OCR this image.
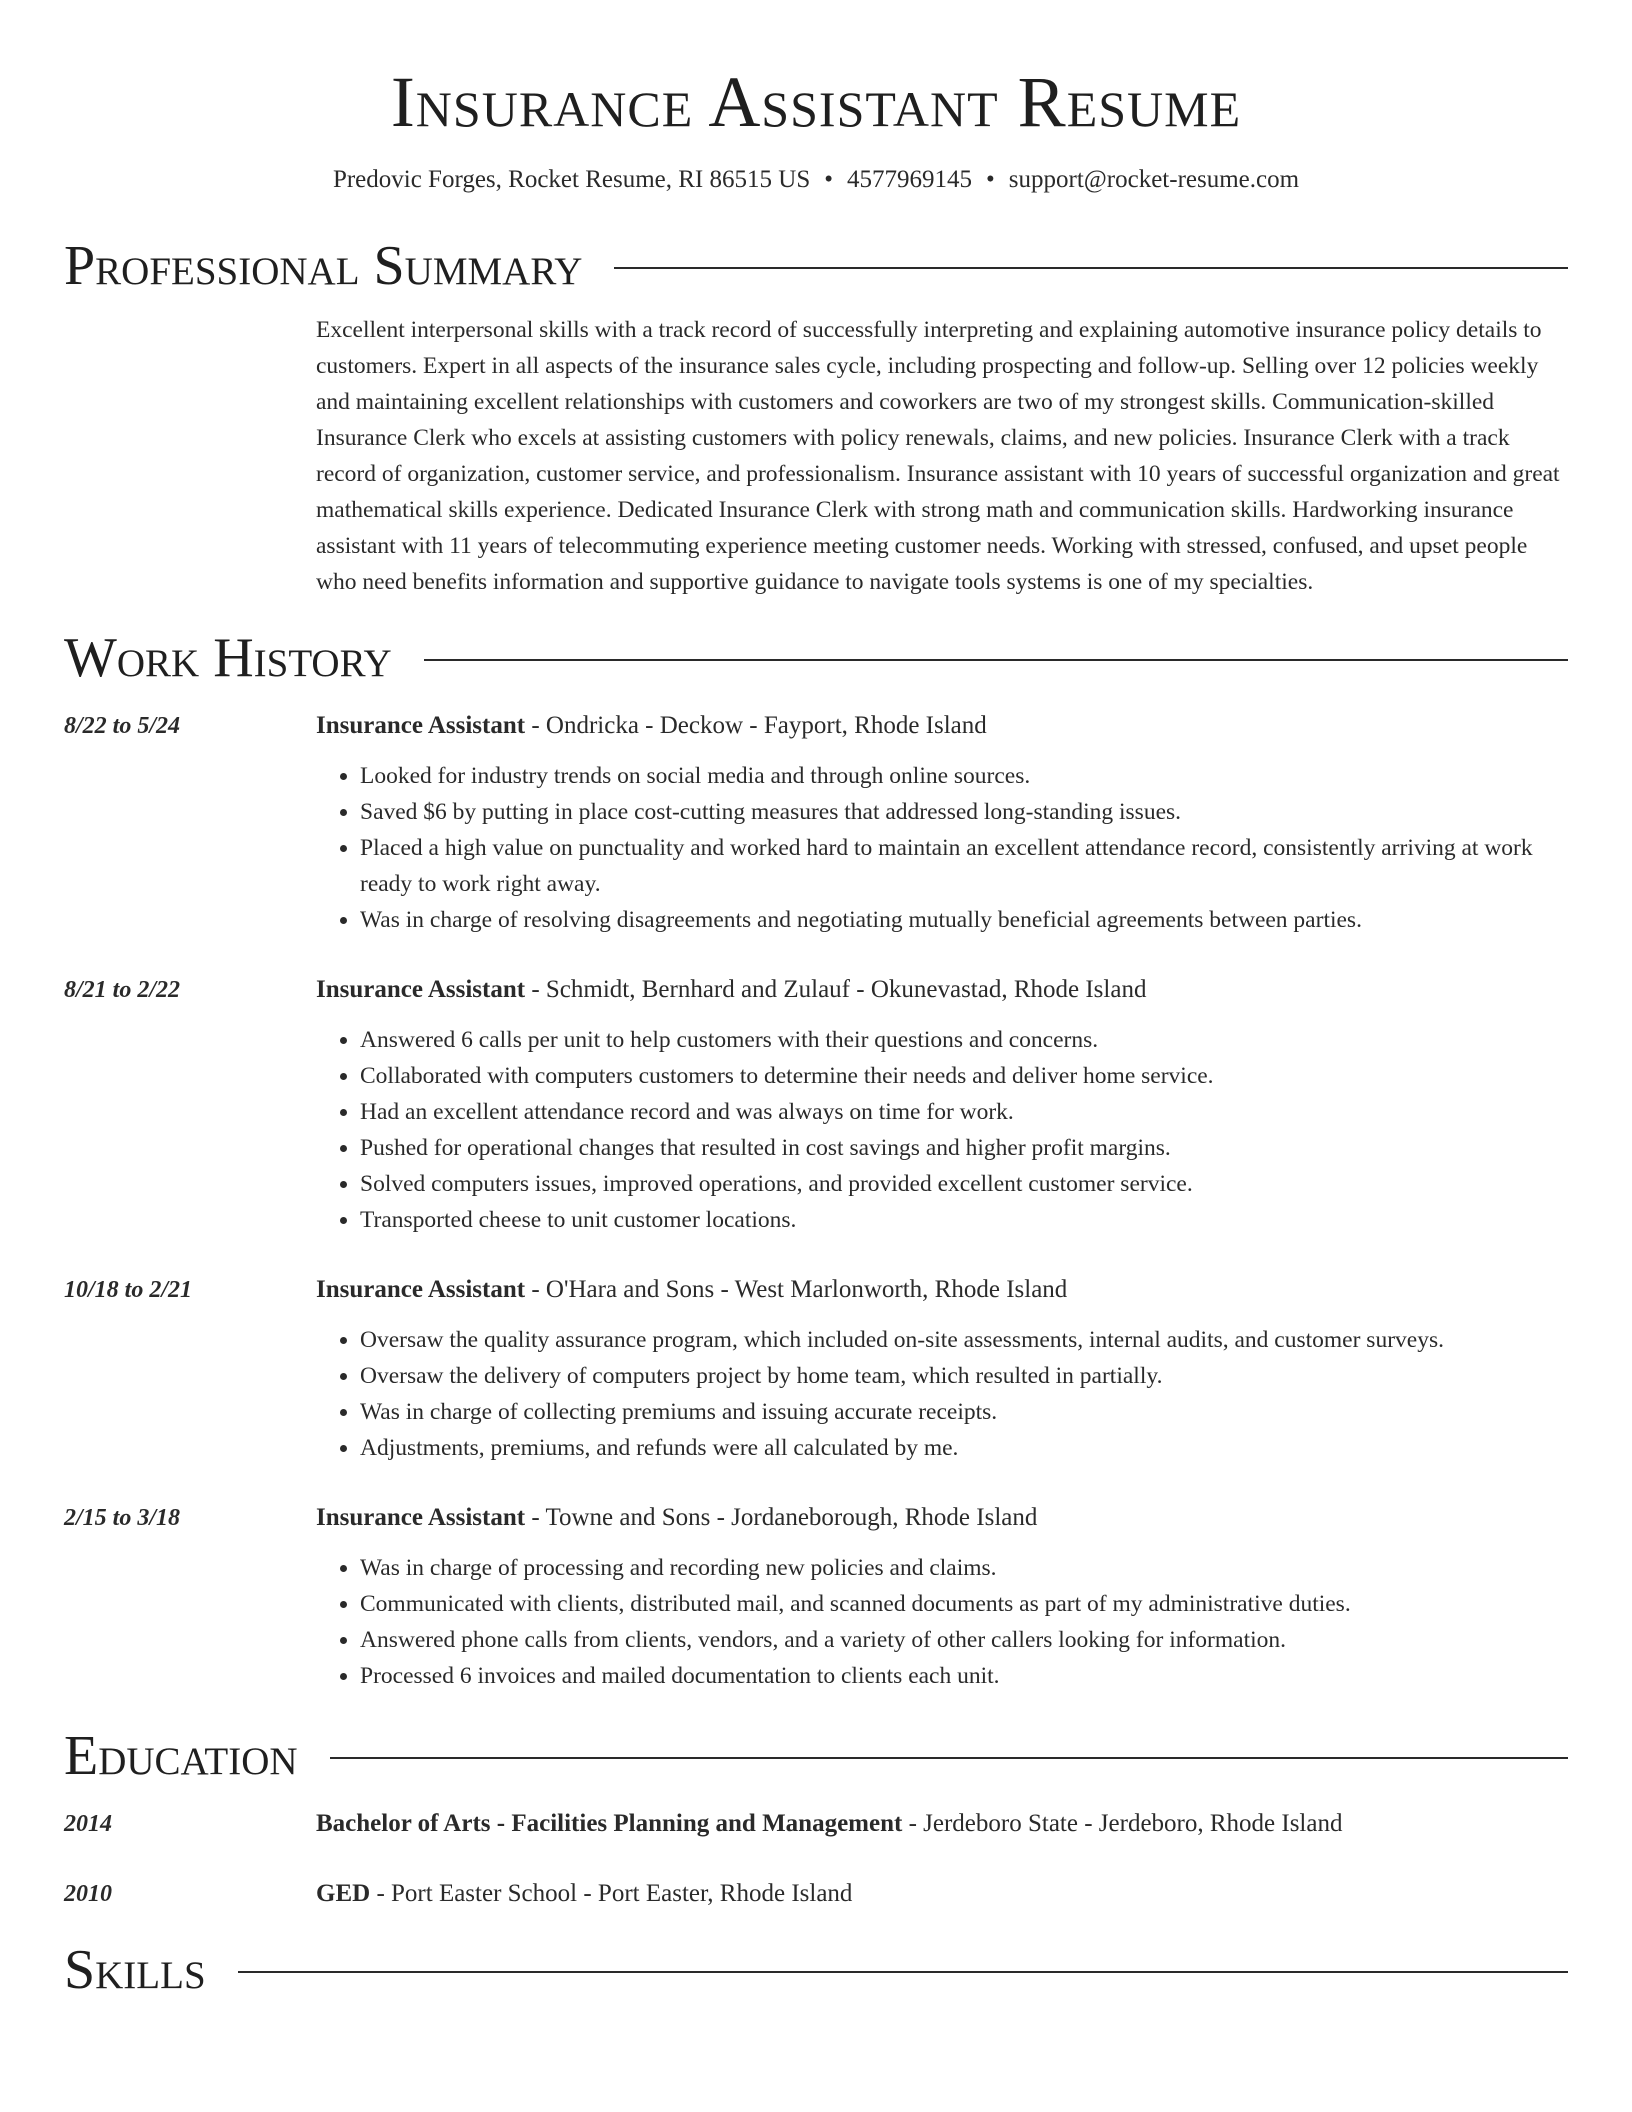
Insurance Assistant Resume
Predovic Forges, Rocket Resume, RI 86515 US • 4577969145 • support@rocket-resume.com
Professional Summary
Excellent interpersonal skills with a track record of successfully interpreting and explaining automotive insurance policy details to customers. Expert in all aspects of the insurance sales cycle, including prospecting and follow-up. Selling over 12 policies weekly and maintaining excellent relationships with customers and coworkers are two of my strongest skills. Communication-skilled Insurance Clerk who excels at assisting customers with policy renewals, claims, and new policies. Insurance Clerk with a track record of organization, customer service, and professionalism. Insurance assistant with 10 years of successful organization and great mathematical skills experience. Dedicated Insurance Clerk with strong math and communication skills. Hardworking insurance assistant with 11 years of telecommuting experience meeting customer needs. Working with stressed, confused, and upset people who need benefits information and supportive guidance to navigate tools systems is one of my specialties.
Work History
8/22 to 5/24	Insurance Assistant - Ondricka - Deckow - Fayport, Rhode Island
• Looked for industry trends on social media and through online sources.
• Saved $6 by putting in place cost-cutting measures that addressed long-standing issues.
• Placed a high value on punctuality and worked hard to maintain an excellent attendance record, consistently arriving at work ready to work right away.
• Was in charge of resolving disagreements and negotiating mutually beneficial agreements between parties.
8/21 to 2/22	Insurance Assistant - Schmidt, Bernhard and Zulauf - Okunevastad, Rhode Island
• Answered 6 calls per unit to help customers with their questions and concerns.
• Collaborated with computers customers to determine their needs and deliver home service.
• Had an excellent attendance record and was always on time for work.
• Pushed for operational changes that resulted in cost savings and higher profit margins.
• Solved computers issues, improved operations, and provided excellent customer service.
• Transported cheese to unit customer locations.
10/18 to 2/21	Insurance Assistant - O'Hara and Sons - West Marlonworth, Rhode Island
• Oversaw the quality assurance program, which included on-site assessments, internal audits, and customer surveys.
• Oversaw the delivery of computers project by home team, which resulted in partially.
• Was in charge of collecting premiums and issuing accurate receipts.
• Adjustments, premiums, and refunds were all calculated by me.
2/15 to 3/18	Insurance Assistant - Towne and Sons - Jordaneborough, Rhode Island
• Was in charge of processing and recording new policies and claims.
• Communicated with clients, distributed mail, and scanned documents as part of my administrative duties.
• Answered phone calls from clients, vendors, and a variety of other callers looking for information.
• Processed 6 invoices and mailed documentation to clients each unit.
Education
2014	Bachelor of Arts - Facilities Planning and Management - Jerdeboro State - Jerdeboro, Rhode Island
2010	GED - Port Easter School - Port Easter, Rhode Island
Skills
